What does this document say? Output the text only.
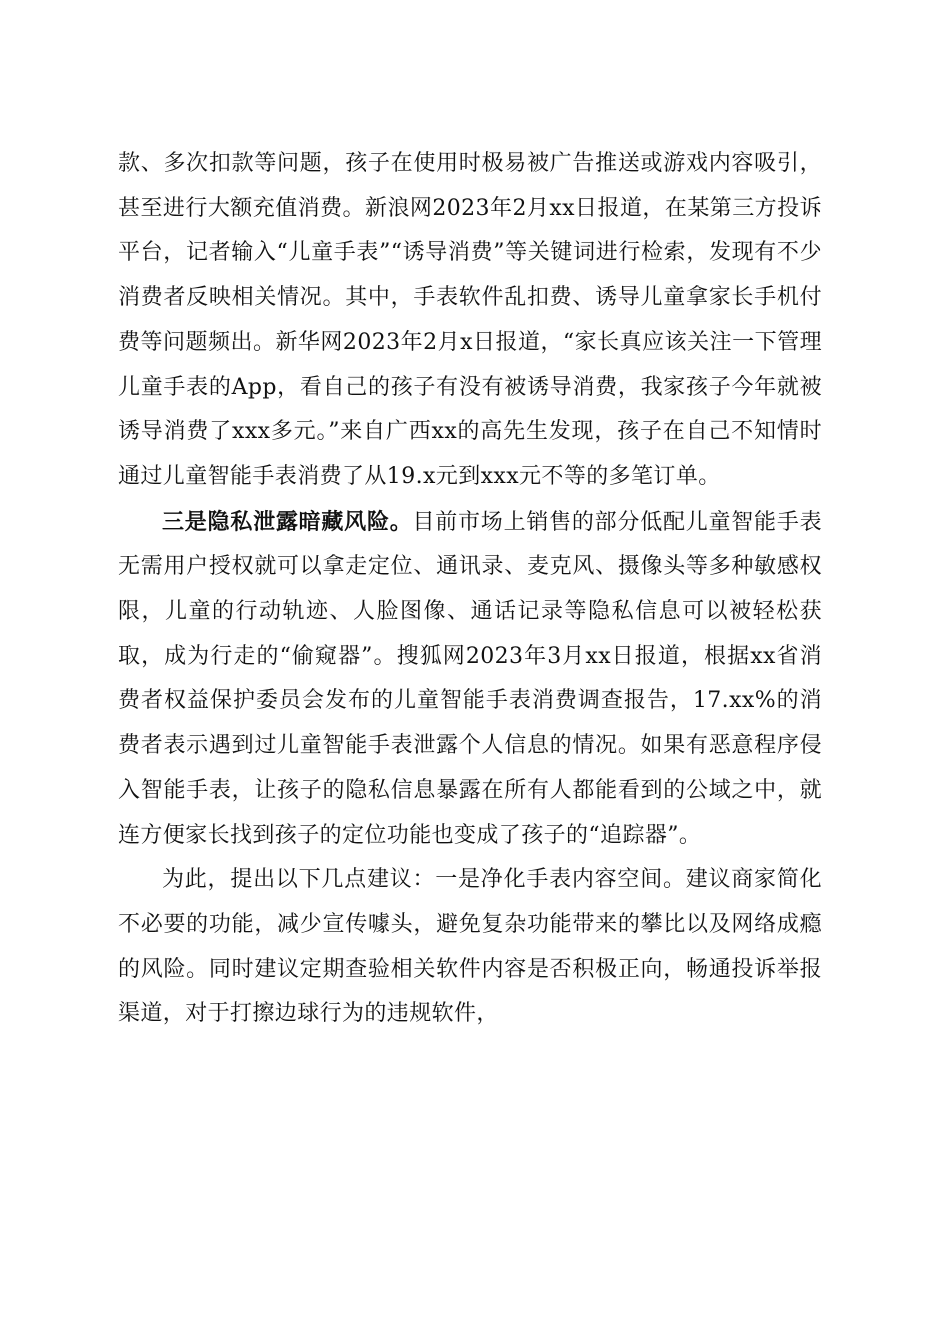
款、多次扣款等问题，孩子在使用时极易被广告推送或游戏内容吸引，甚至进行大额充值消费。新浪网2023年2月xx日报道，在某第三方投诉平台，记者输入“儿童手表”“诱导消费”等关键词进行检索，发现有不少消费者反映相关情况。其中，手表软件乱扣费、诱导儿童拿家长手机付费等问题频出。新华网2023年2月x日报道，“家长真应该关注一下管理儿童手表的App，看自己的孩子有没有被诱导消费，我家孩子今年就被诱导消费了xxx多元。”来自广西xx的高先生发现，孩子在自己不知情时通过儿童智能手表消费了从19.x元到xxx元不等的多笔订单。

三是隐私泄露暗藏风险。目前市场上销售的部分低配儿童智能手表无需用户授权就可以拿走定位、通讯录、麦克风、摄像头等多种敏感权限，儿童的行动轨迹、人脸图像、通话记录等隐私信息可以被轻松获取，成为行走的“偷窥器”。搜狐网2023年3月xx日报道，根据xx省消费者权益保护委员会发布的儿童智能手表消费调查报告，17.xx%的消费者表示遇到过儿童智能手表泄露个人信息的情况。如果有恶意程序侵入智能手表，让孩子的隐私信息暴露在所有人都能看到的公域之中，就连方便家长找到孩子的定位功能也变成了孩子的“追踪器”。

为此，提出以下几点建议：一是净化手表内容空间。建议商家简化不必要的功能，减少宣传噱头，避免复杂功能带来的攀比以及网络成瘾的风险。同时建议定期查验相关软件内容是否积极正向，畅通投诉举报渠道，对于打擦边球行为的违规软件，
